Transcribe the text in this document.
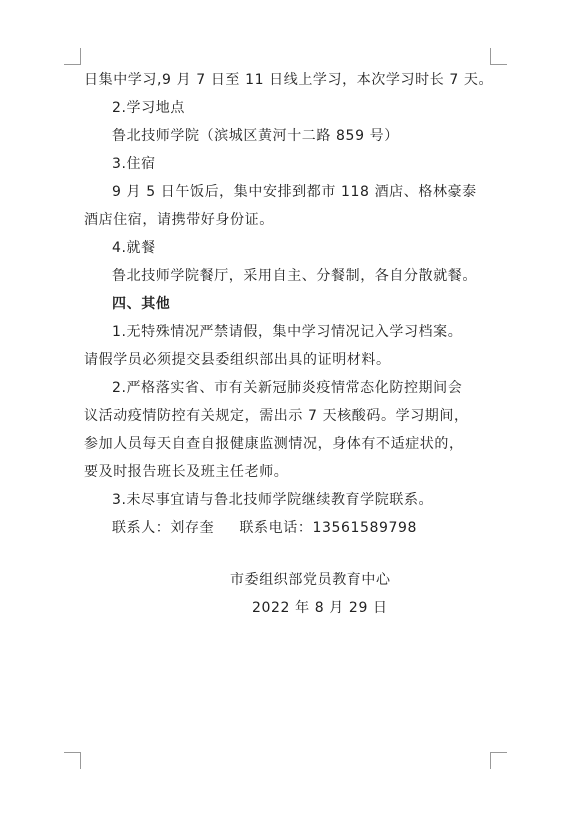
日集中学习,9 月 7 日至 11 日线上学习，本次学习时长 7 天。
2.学习地点
鲁北技师学院（滨城区黄河十二路 859 号）
3.住宿
9 月 5 日午饭后，集中安排到都市 118 酒店、格林豪泰
酒店住宿，请携带好身份证。
4.就餐
鲁北技师学院餐厅，采用自主、分餐制，各自分散就餐。
四、其他
1.无特殊情况严禁请假，集中学习情况记入学习档案。
请假学员必须提交县委组织部出具的证明材料。
2.严格落实省、市有关新冠肺炎疫情常态化防控期间会
议活动疫情防控有关规定，需出示 7 天核酸码。学习期间，
参加人员每天自查自报健康监测情况，身体有不适症状的，
要及时报告班长及班主任老师。
3.未尽事宜请与鲁北技师学院继续教育学院联系。
联系人：刘存奎     联系电话：13561589798
市委组织部党员教育中心
2022 年 8 月 29 日
